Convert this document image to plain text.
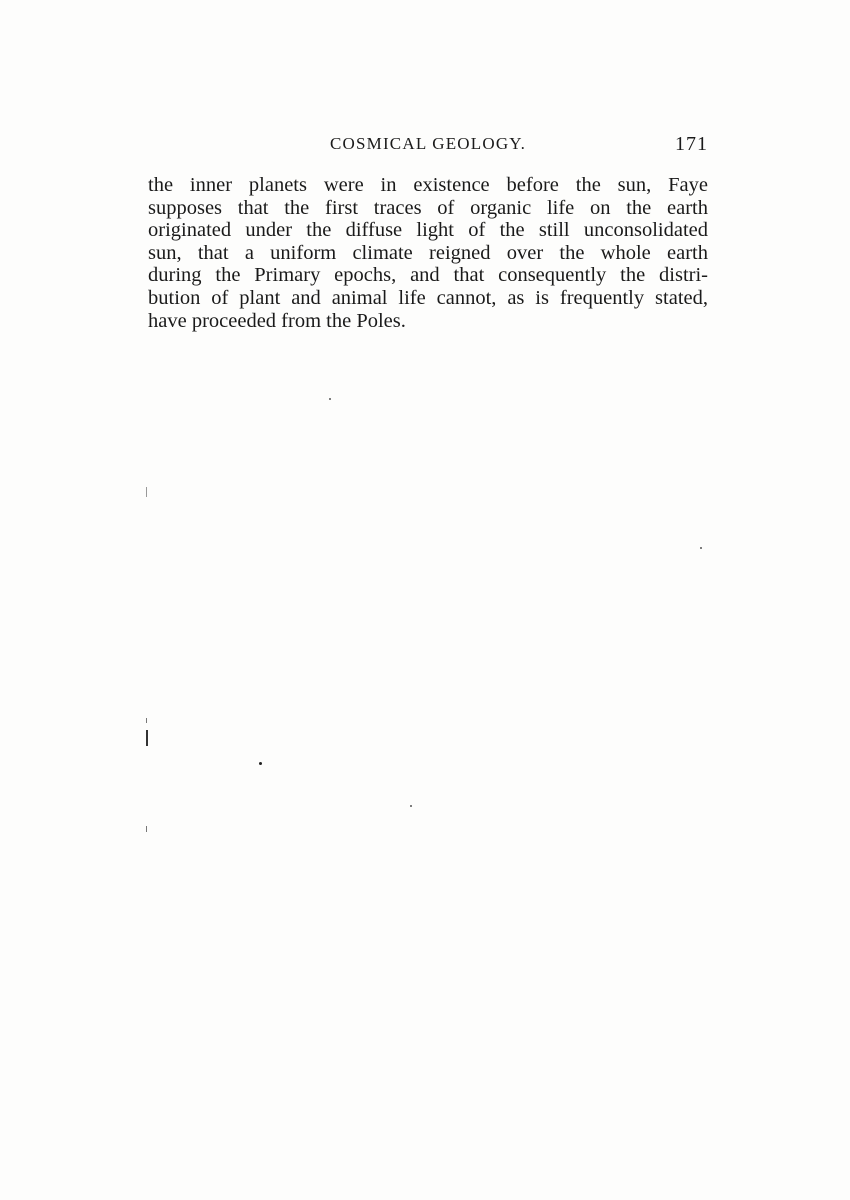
COSMICAL GEOLOGY.	171
the inner planets were in existence before the sun, Faye
supposes that the first traces of organic life on the earth
originated under the diffuse light of the still unconsolidated
sun, that a uniform climate reigned over the whole earth
during the Primary epochs, and that consequently the distri-
bution of plant and animal life cannot, as is frequently stated,
have proceeded from the Poles.
